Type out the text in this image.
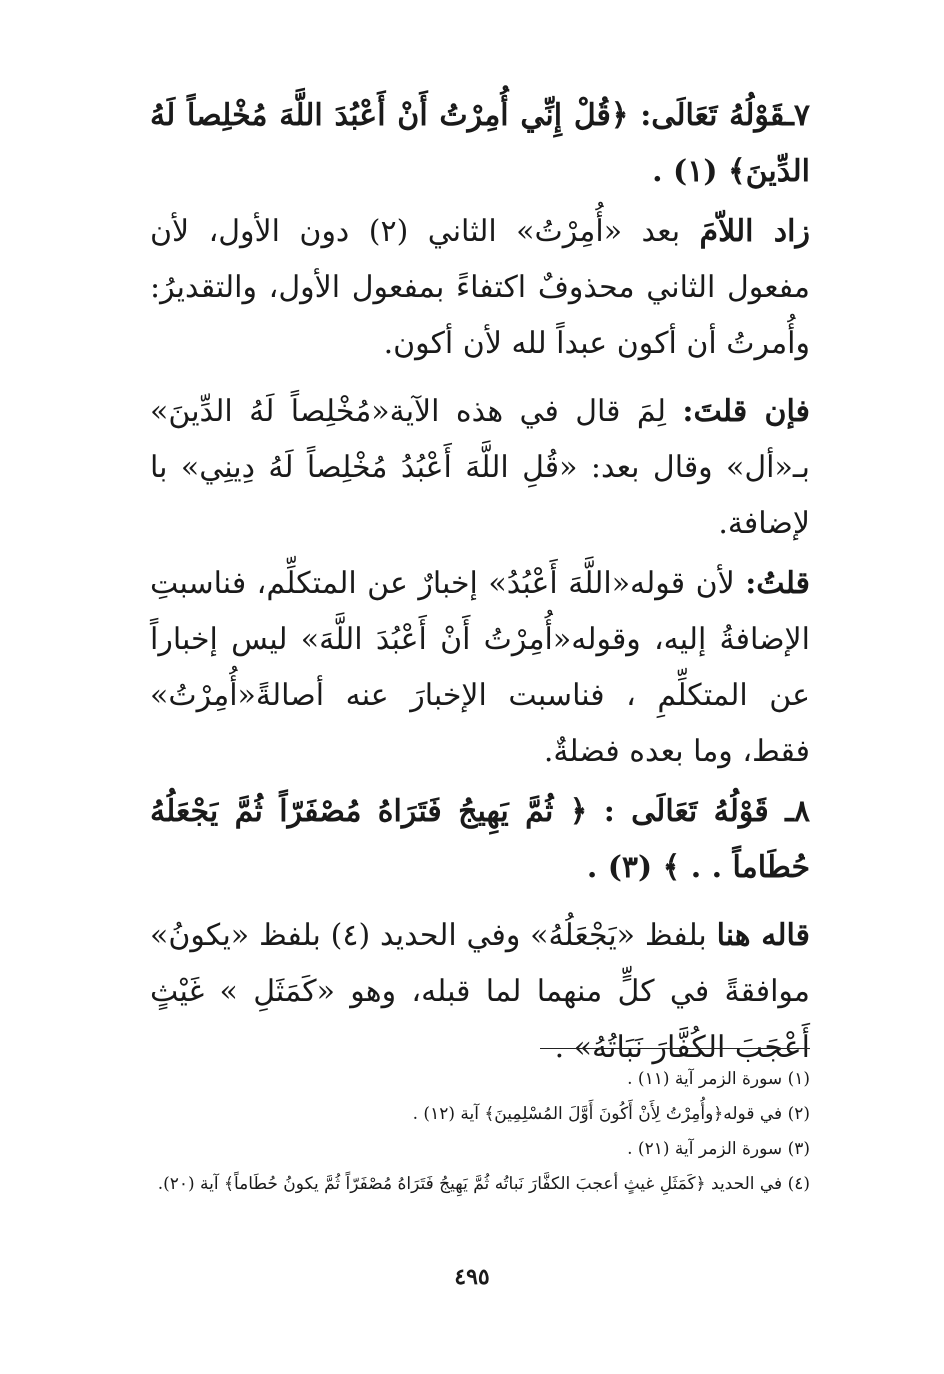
٧ـقَوْلُهُ تَعَالَى: ﴿قُلْ إِنِّي أُمِرْتُ أَنْ أَعْبُدَ اللَّهَ مُخْلِصاً لَهُ الدِّينَ﴾ (١) .

زاد اللاّمَ بعد «أُمِرْتُ» الثاني (٢) دون الأول، لأن مفعول الثاني محذوفٌ اكتفاءً بمفعول الأول، والتقديرُ: وأُمرتُ أن أكون عبداً لله لأن أكون.

فإن قلتَ: لِمَ قال في هذه الآية«مُخْلِصاً لَهُ الدِّينَ» بـ«أل» وقال بعد: «قُلِ اللَّهَ أَعْبُدُ مُخْلِصاً لَهُ دِينِي» با لإضافة.

قلتُ: لأن قوله«اللَّهَ أَعْبُدُ» إخبارٌ عن المتكلِّم، فناسبتِ الإضافةُ إليه، وقوله«أُمِرْتُ أَنْ أَعْبُدَ اللَّهَ» ليس إخباراً عن المتكلِّمِ ، فناسبت الإخبارَ عنه أصالةً«أُمِرْتُ» فقط، وما بعده فضلةٌ.

٨ـ قَوْلُهُ تَعَالَى : ﴿ ثُمَّ يَهِيجُ فَتَرَاهُ مُصْفَرّاً ثُمَّ يَجْعَلُهُ حُطَاماً . . ﴾ (٣) .

قاله هنا بلفظ «يَجْعَلُهُ» وفي الحديد (٤) بلفظ «يكونُ» موافقةً في كلٍّ منهما لما قبله، وهو «كَمَثَلِ » غَيْثٍ أَعْجَبَ الكُفَّارَ نَبَاتُهُ» .

(١) سورة الزمر آية (١١) .

(٢) في قوله﴿وأُمِرْتُ لِأَنْ أَكُونَ أَوَّلَ المُسْلِمِينَ﴾ آية (١٢) .

(٣) سورة الزمر آية (٢١) .

(٤) في الحديد ﴿كَمَثَلِ غيثٍ أعجبَ الكفَّارَ نَباتُه ثُمَّ يَهِيجُ فَتَرَاهُ مُصْفَرّاً ثُمَّ يكونُ حُطَاماً﴾ آية (٢٠).

٤٩٥
